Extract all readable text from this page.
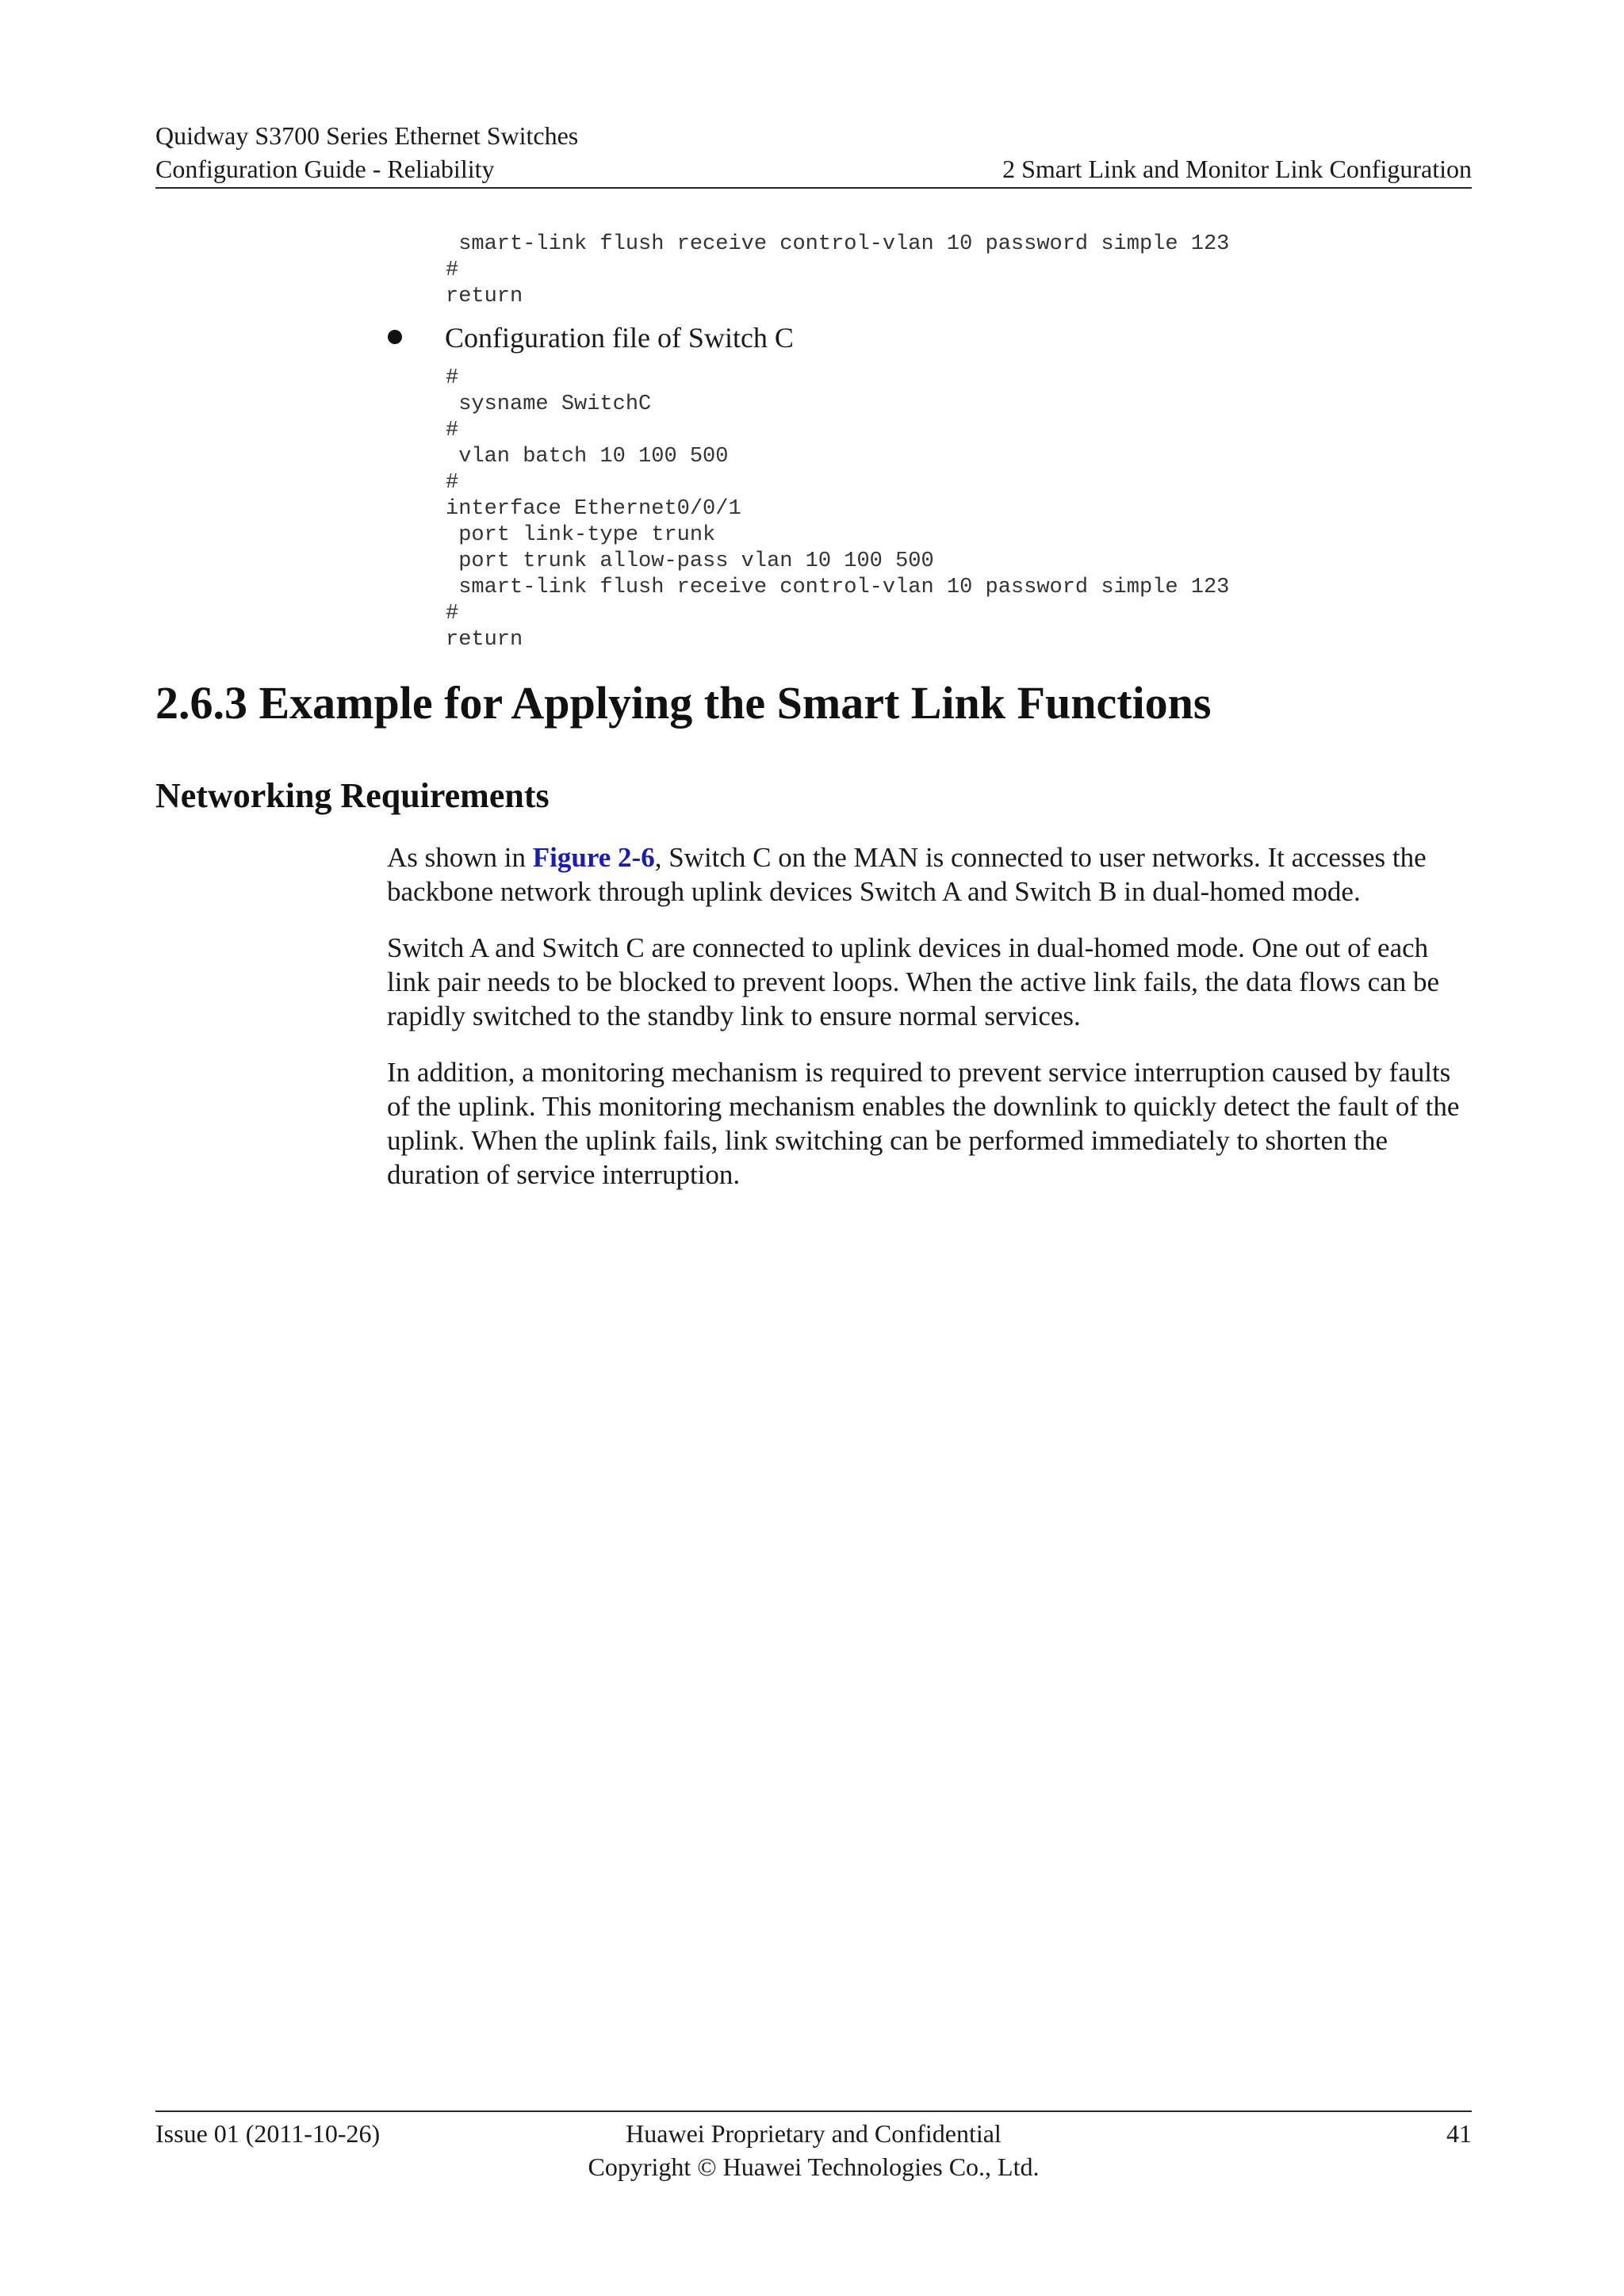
Quidway S3700 Series Ethernet Switches
Configuration Guide - Reliability	2 Smart Link and Monitor Link Configuration
smart-link flush receive control-vlan 10 password simple 123
#
return
Configuration file of Switch C
#
sysname SwitchC
#
vlan batch 10 100 500
#
interface Ethernet0/0/1
port link-type trunk
port trunk allow-pass vlan 10 100 500
smart-link flush receive control-vlan 10 password simple 123
#
return
2.6.3 Example for Applying the Smart Link Functions
Networking Requirements

As shown in Figure 2-6, Switch C on the MAN is connected to user networks. It accesses the backbone network through uplink devices Switch A and Switch B in dual-homed mode.

Switch A and Switch C are connected to uplink devices in dual-homed mode. One out of each link pair needs to be blocked to prevent loops. When the active link fails, the data flows can be rapidly switched to the standby link to ensure normal services.

In addition, a monitoring mechanism is required to prevent service interruption caused by faults of the uplink. This monitoring mechanism enables the downlink to quickly detect the fault of the uplink. When the uplink fails, link switching can be performed immediately to shorten the duration of service interruption.

Issue 01 (2011-10-26)	Huawei Proprietary and Confidential
Copyright © Huawei Technologies Co., Ltd.
41
